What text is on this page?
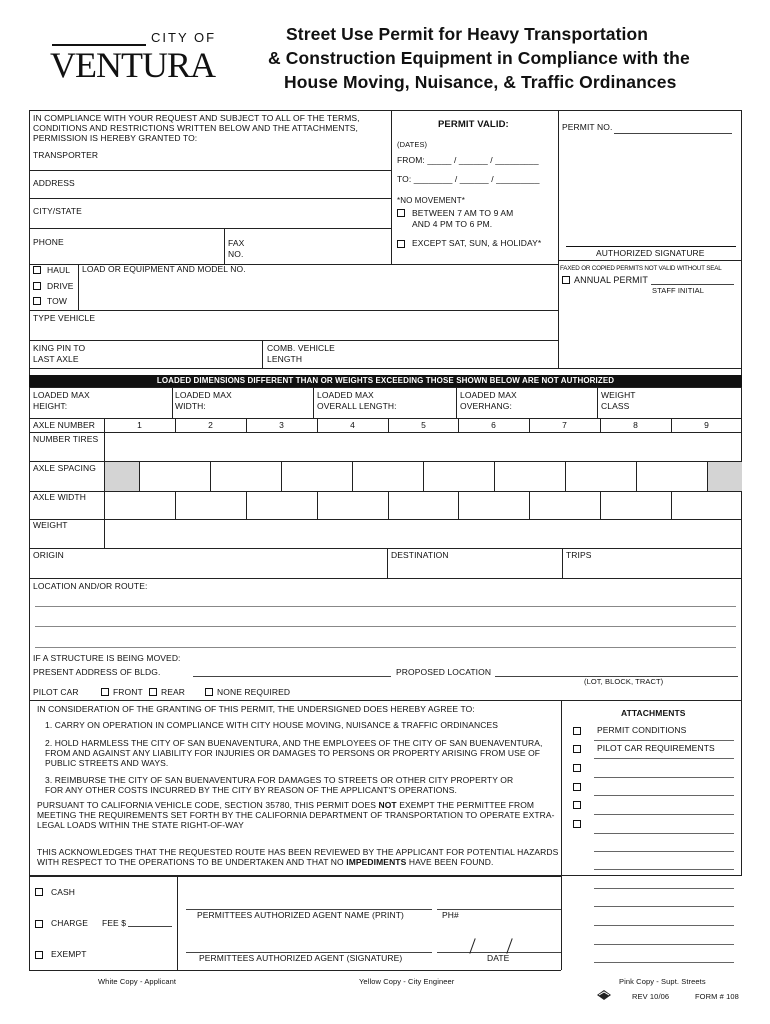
CITY OF
VENTURA
Street Use Permit for Heavy Transportation
& Construction Equipment in Compliance with the
House Moving, Nuisance, & Traffic Ordinances
IN COMPLIANCE WITH YOUR REQUEST AND SUBJECT TO ALL OF THE TERMS, CONDITIONS AND RESTRICTIONS WRITTEN BELOW AND THE ATTACHMENTS, PERMISSION IS HEREBY GRANTED TO:
TRANSPORTER
ADDRESS
CITY/STATE
PHONE	FAX
NO.
PERMIT VALID:
(DATES)
FROM: _____ / ______ / _________
TO: ________ / ______ / _________
*NO MOVEMENT*
BETWEEN 7 AM TO 9 AM
AND 4 PM TO 6 PM.
EXCEPT SAT, SUN, & HOLIDAY*
PERMIT NO.
AUTHORIZED SIGNATURE
FAXED OR COPIED PERMITS NOT VALID WITHOUT SEAL
ANNUAL PERMIT
STAFF INITIAL
HAUL
DRIVE
TOW
LOAD OR EQUIPMENT AND MODEL NO.
TYPE VEHICLE
KING PIN TO
LAST AXLE
COMB. VEHICLE
LENGTH
LOADED DIMENSIONS DIFFERENT THAN OR WEIGHTS EXCEEDING THOSE SHOWN BELOW ARE NOT AUTHORIZED
LOADED MAX
HEIGHT:
LOADED MAX
WIDTH:
LOADED MAX
OVERALL LENGTH:
LOADED MAX
OVERHANG:
WEIGHT
CLASS
AXLE NUMBER	1	2	3	4	5	6	7	8	9
NUMBER TIRES
AXLE SPACING
AXLE WIDTH
WEIGHT
ORIGIN	DESTINATION	TRIPS
LOCATION AND/OR ROUTE:
IF A STRUCTURE IS BEING MOVED:
PRESENT ADDRESS OF BLDG.	PROPOSED LOCATION
(LOT, BLOCK, TRACT)
PILOT CAR	FRONT REAR	NONE REQUIRED
IN CONSIDERATION OF THE GRANTING OF THIS PERMIT, THE UNDERSIGNED DOES HEREBY AGREE TO:
1. CARRY ON OPERATION IN COMPLIANCE WITH CITY HOUSE MOVING, NUISANCE & TRAFFIC ORDINANCES
2. HOLD HARMLESS THE CITY OF SAN BUENAVENTURA, AND THE EMPLOYEES OF THE CITY OF SAN BUENAVENTURA, FROM AND AGAINST ANY LIABILITY FOR INJURIES OR DAMAGES TO PERSONS OR PROPERTY ARISING FROM USE OF PUBLIC STREETS AND WAYS.
3. REIMBURSE THE CITY OF SAN BUENAVENTURA FOR DAMAGES TO STREETS OR OTHER CITY PROPERTY OR FOR ANY OTHER COSTS INCURRED BY THE CITY BY REASON OF THE APPLICANT'S OPERATIONS.
PURSUANT TO CALIFORNIA VEHICLE CODE, SECTION 35780, THIS PERMIT DOES NOT EXEMPT THE PERMITTEE FROM MEETING THE REQUIREMENTS SET FORTH BY THE CALIFORNIA DEPARTMENT OF TRANSPORTATION TO OPERATE EXTRA-LEGAL LOADS WITHIN THE STATE RIGHT-OF-WAY
THIS ACKNOWLEDGES THAT THE REQUESTED ROUTE HAS BEEN REVIEWED BY THE APPLICANT FOR POTENTIAL HAZARDS WITH RESPECT TO THE OPERATIONS TO BE UNDERTAKEN AND THAT NO IMPEDIMENTS HAVE BEEN FOUND.
ATTACHMENTS
PERMIT CONDITIONS
PILOT CAR REQUIREMENTS
CASH
CHARGE FEE $
EXEMPT
PERMITTEES AUTHORIZED AGENT NAME (PRINT)	PH#
PERMITTEES AUTHORIZED AGENT (SIGNATURE)	DATE
White Copy - Applicant	Yellow Copy - City Engineer	Pink Copy - Supt. Streets
REV 10/06	FORM # 108
